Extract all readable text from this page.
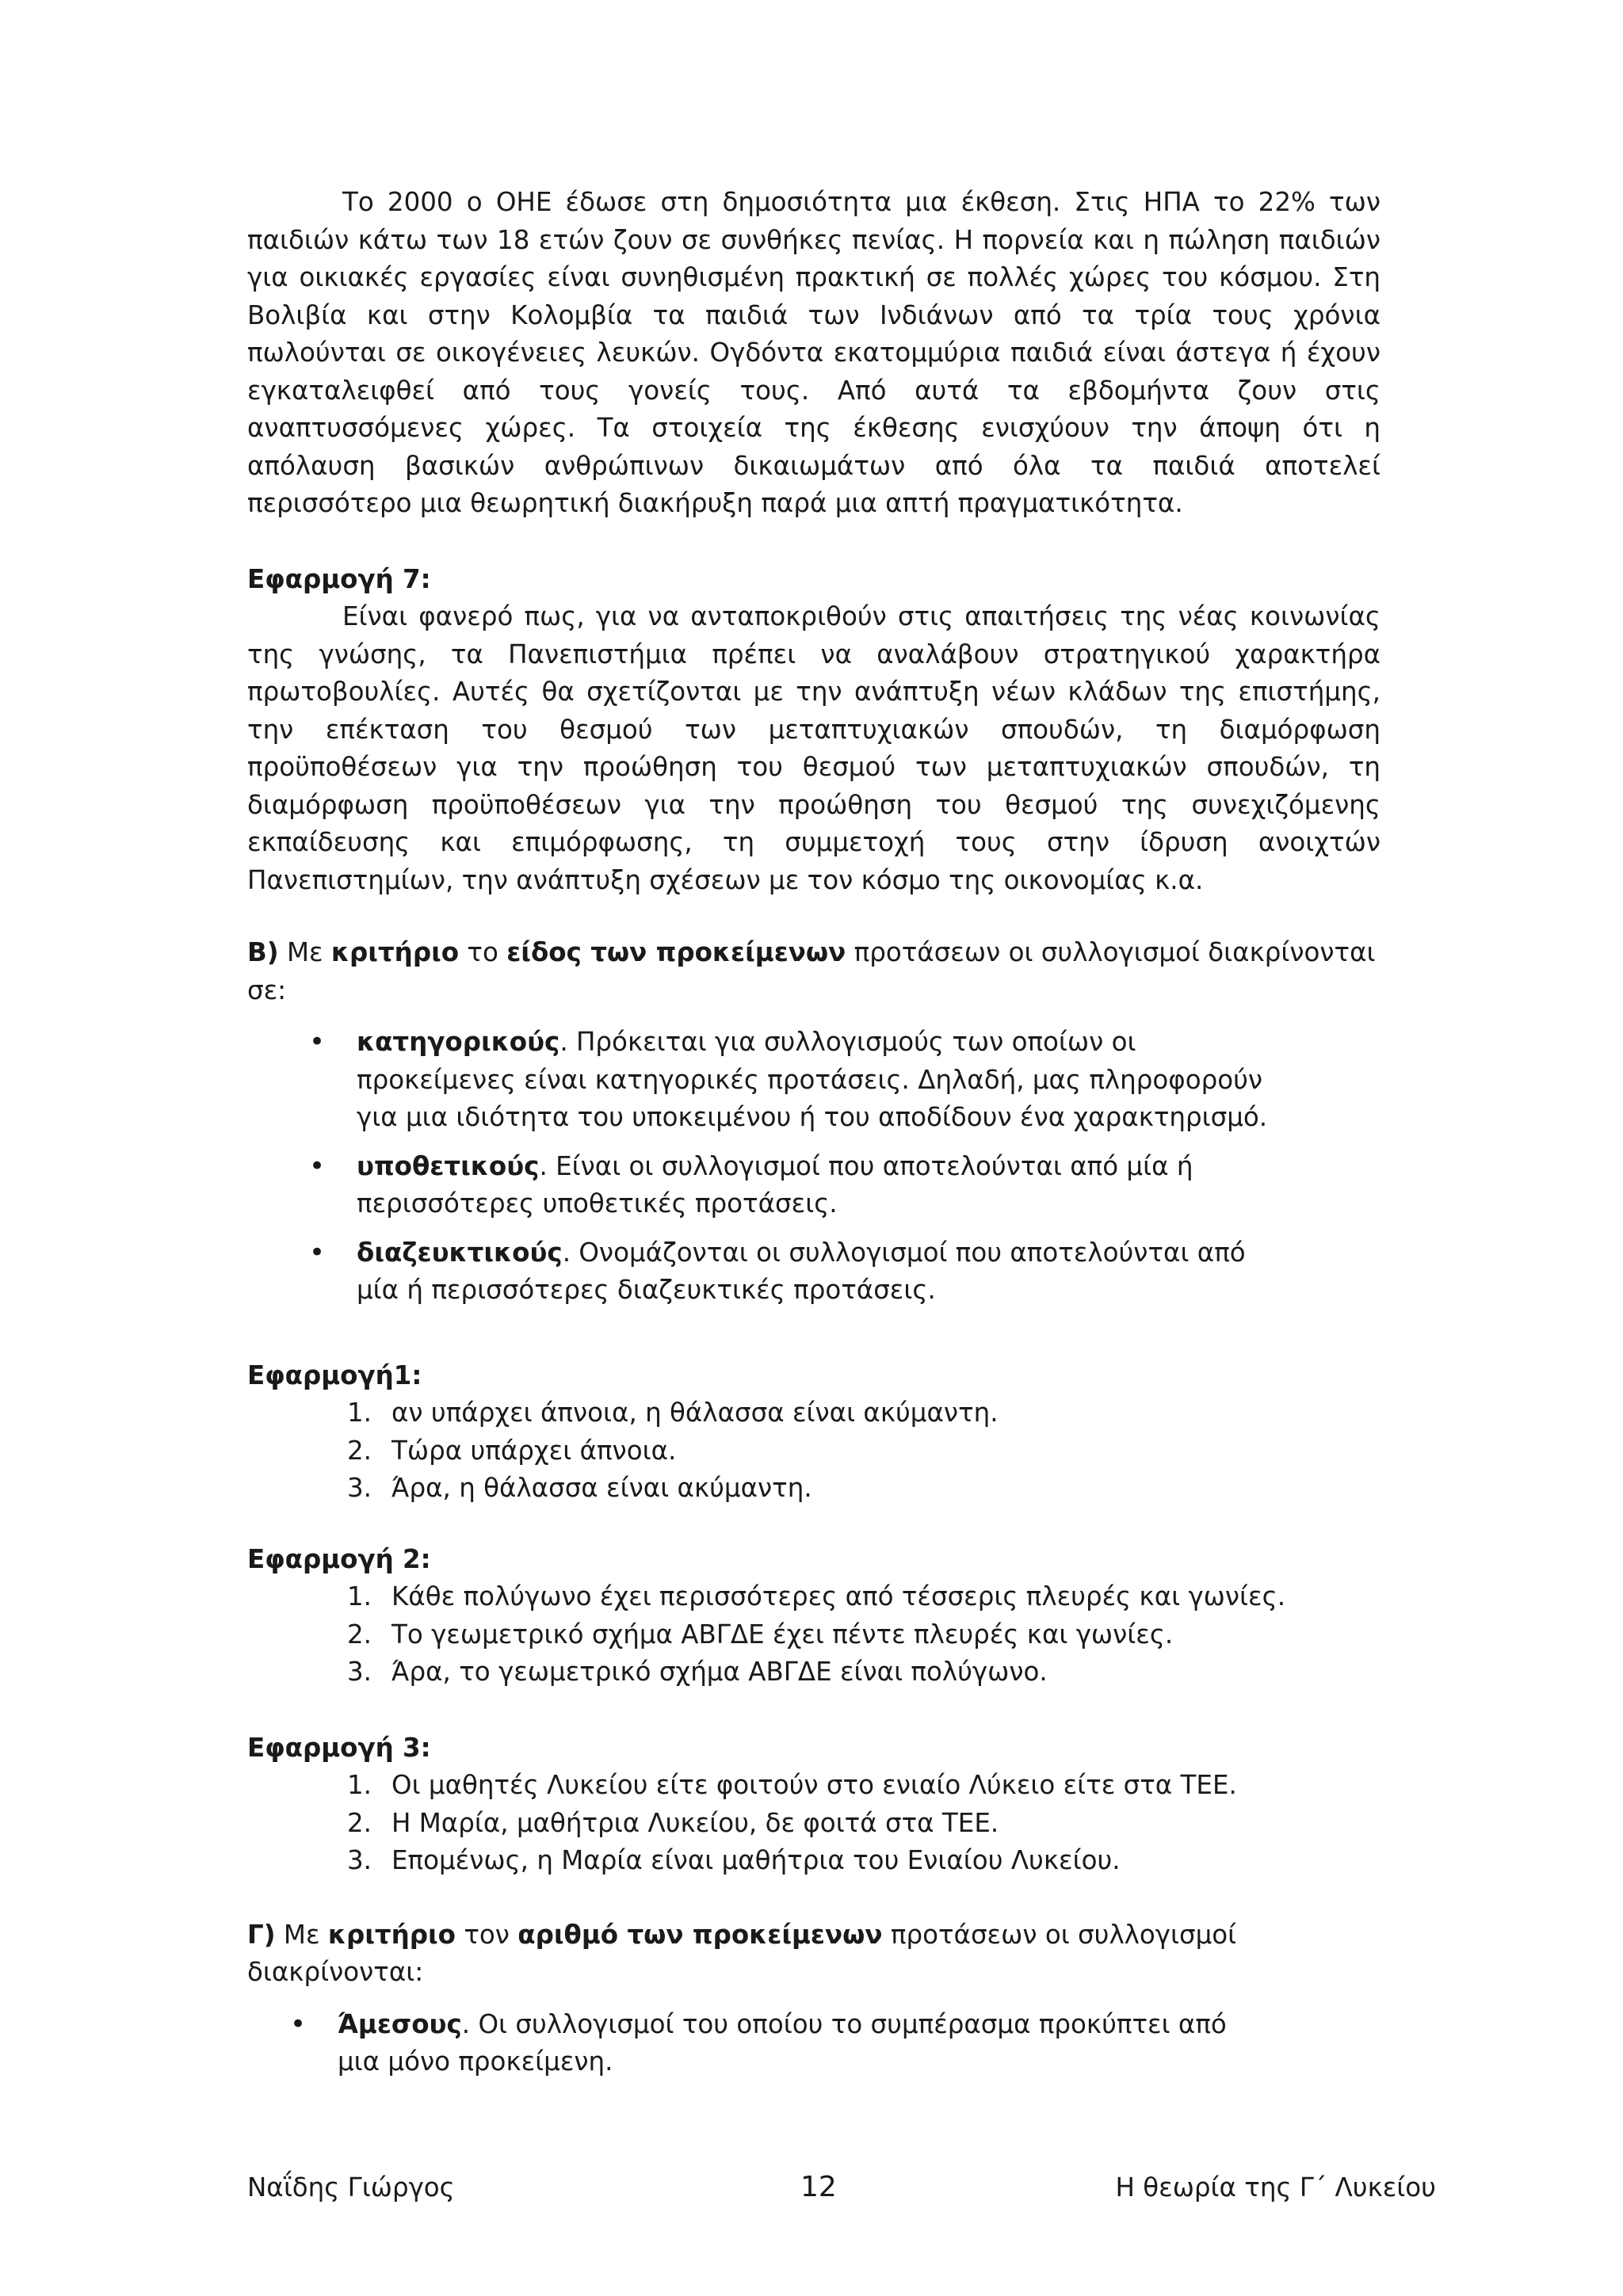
Το 2000 ο ΟΗΕ έδωσε στη δημοσιότητα μια έκθεση. Στις ΗΠΑ το 22% των παιδιών κάτω των 18 ετών ζουν σε συνθήκες πενίας. Η πορνεία και η πώληση παιδιών για οικιακές εργασίες είναι συνηθισμένη πρακτική σε πολλές χώρες του κόσμου. Στη Βολιβία και στην Κολομβία τα παιδιά των Ινδιάνων από τα τρία τους χρόνια πωλούνται σε οικογένειες λευκών. Ογδόντα εκατομμύρια παιδιά είναι άστεγα ή έχουν εγκαταλειφθεί από τους γονείς τους. Από αυτά τα εβδομήντα ζουν στις αναπτυσσόμενες χώρες. Τα στοιχεία της έκθεσης ενισχύουν την άποψη ότι η απόλαυση βασικών ανθρώπινων δικαιωμάτων από όλα τα παιδιά αποτελεί περισσότερο μια θεωρητική διακήρυξη παρά μια απτή πραγματικότητα.

Εφαρμογή 7:

Είναι φανερό πως, για να ανταποκριθούν στις απαιτήσεις της νέας κοινωνίας της γνώσης, τα Πανεπιστήμια πρέπει να αναλάβουν στρατηγικού χαρακτήρα πρωτοβουλίες. Αυτές θα σχετίζονται με την ανάπτυξη νέων κλάδων της επιστήμης, την επέκταση του θεσμού των μεταπτυχιακών σπουδών, τη διαμόρφωση προϋποθέσεων για την προώθηση του θεσμού των μεταπτυχιακών σπουδών, τη διαμόρφωση προϋποθέσεων για την προώθηση του θεσμού της συνεχιζόμενης εκπαίδευσης και επιμόρφωσης, τη συμμετοχή τους στην ίδρυση ανοιχτών Πανεπιστημίων, την ανάπτυξη σχέσεων με τον κόσμο της οικονομίας κ.α.

Β) Με κριτήριο το είδος των προκείμενων προτάσεων οι συλλογισμοί διακρίνονται σε:

• κατηγορικούς. Πρόκειται για συλλογισμούς των οποίων οι προκείμενες είναι κατηγορικές προτάσεις. Δηλαδή, μας πληροφορούν για μια ιδιότητα του υποκειμένου ή του αποδίδουν ένα χαρακτηρισμό.
• υποθετικούς. Είναι οι συλλογισμοί που αποτελούνται από μία ή περισσότερες υποθετικές προτάσεις.
• διαζευκτικούς. Ονομάζονται οι συλλογισμοί που αποτελούνται από μία ή περισσότερες διαζευκτικές προτάσεις.

Εφαρμογή1:

1. αν υπάρχει άπνοια, η θάλασσα είναι ακύμαντη.
2. Τώρα υπάρχει άπνοια.
3. Άρα, η θάλασσα είναι ακύμαντη.

Εφαρμογή 2:

1. Κάθε πολύγωνο έχει περισσότερες από τέσσερις πλευρές και γωνίες.
2. Το γεωμετρικό σχήμα ΑΒΓΔΕ έχει πέντε πλευρές και γωνίες.
3. Άρα, το γεωμετρικό σχήμα ΑΒΓΔΕ είναι πολύγωνο.

Εφαρμογή 3:

1. Οι μαθητές Λυκείου είτε φοιτούν στο ενιαίο Λύκειο είτε στα ΤΕΕ.
2. Η Μαρία, μαθήτρια Λυκείου, δε φοιτά στα ΤΕΕ.
3. Επομένως, η Μαρία είναι μαθήτρια του Ενιαίου Λυκείου.

Γ) Με κριτήριο τον αριθμό των προκείμενων προτάσεων οι συλλογισμοί διακρίνονται:

• Άμεσους. Οι συλλογισμοί του οποίου το συμπέρασμα προκύπτει από μια μόνο προκείμενη.
Ναΐδης Γιώργος	12	Η θεωρία της Γ΄ Λυκείου
